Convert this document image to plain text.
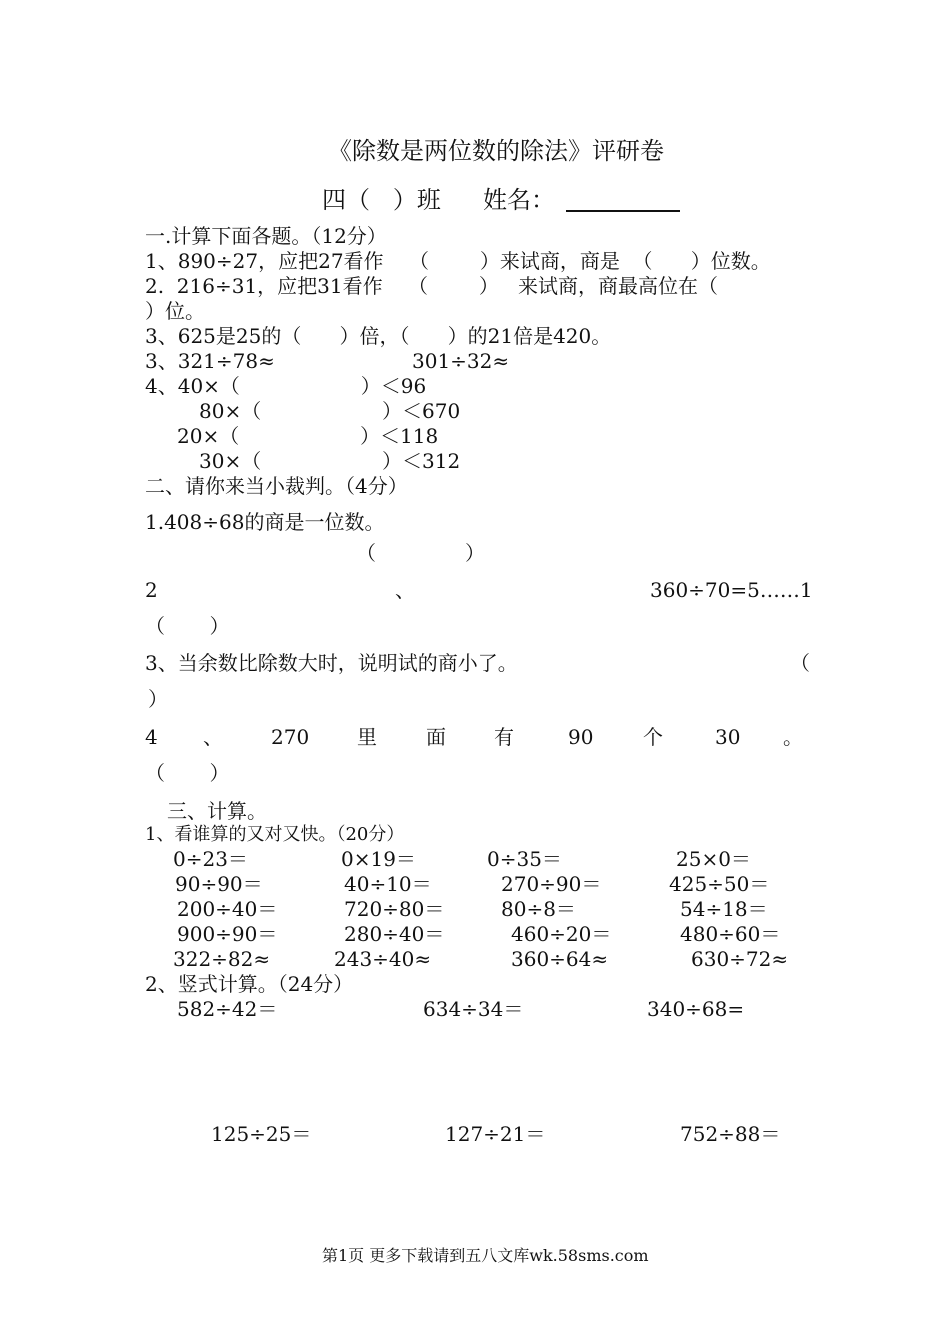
《除数是两位数的除法》评研卷
四（   ）班 姓名：
一.计算下面各题。（12分）
1、890÷27，应把27看作    （        ）来试商，商是  （      ）位数。
2.  216÷31，应把31看作    （        ）   来试商，商最高位在（
）位。
3、625是25的（      ）倍，（      ）的21倍是420。
3、321÷78≈	301÷32≈
4、40×（                   ）＜96
80×（                   ）＜670
20×（                   ）＜118
30×（                   ）＜312
二、请你来当小裁判。（4分）
1.408÷68的商是一位数。
（              ）
2	、	360÷70=5……1
（       ）
3、当余数比除数大时，说明试的商小了。	（
）
4 、 270 里 面 有	90 个	30 。
（       ）
三、计算。
1、看谁算的又对又快。（20分）
0÷23＝	0×19＝	0÷35＝	25×0＝
90÷90＝	40÷10＝	270÷90＝	425÷50＝
200÷40＝	720÷80＝	80÷8＝	54÷18＝
900÷90＝	280÷40＝	460÷20＝	480÷60＝
322÷82≈	243÷40≈	360÷64≈	630÷72≈
2、竖式计算。（24分）
582÷42＝	634÷34＝	340÷68=
125÷25＝	127÷21＝	752÷88＝
第1页 更多下载请到五八文库wk.58sms.com
